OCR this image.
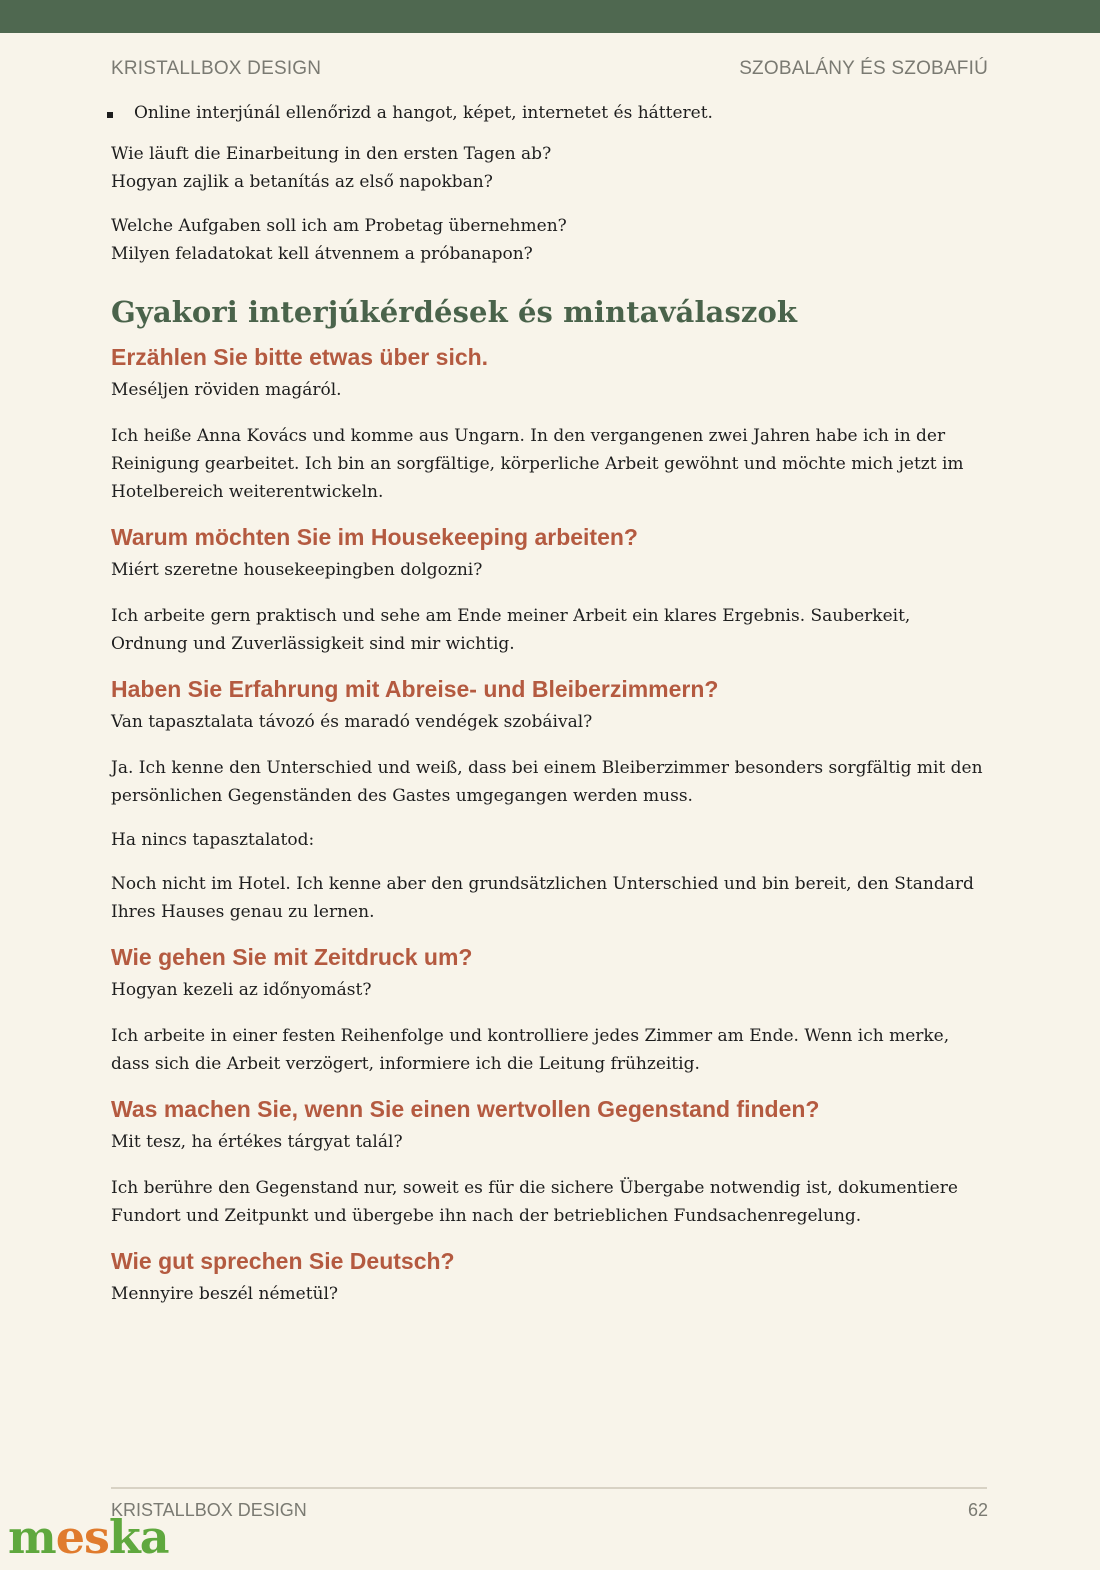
KRISTALLBOX DESIGN	SZOBALÁNY ÉS SZOBAFIÚ
Online interjúnál ellenőrizd a hangot, képet, internetet és hátteret.

Wie läuft die Einarbeitung in den ersten Tagen ab?

Hogyan zajlik a betanítás az első napokban?

Welche Aufgaben soll ich am Probetag übernehmen?

Milyen feladatokat kell átvennem a próbanapon?

Gyakori interjúkérdések és mintaválaszok
Erzählen Sie bitte etwas über sich.

Meséljen röviden magáról.

Ich heiße Anna Kovács und komme aus Ungarn. In den vergangenen zwei Jahren habe ich in der Reinigung gearbeitet. Ich bin an sorgfältige, körperliche Arbeit gewöhnt und möchte mich jetzt im Hotelbereich weiterentwickeln.

Warum möchten Sie im Housekeeping arbeiten?

Miért szeretne housekeepingben dolgozni?

Ich arbeite gern praktisch und sehe am Ende meiner Arbeit ein klares Ergebnis. Sauberkeit, Ordnung und Zuverlässigkeit sind mir wichtig.

Haben Sie Erfahrung mit Abreise- und Bleiberzimmern?

Van tapasztalata távozó és maradó vendégek szobáival?

Ja. Ich kenne den Unterschied und weiß, dass bei einem Bleiberzimmer besonders sorgfältig mit den persönlichen Gegenständen des Gastes umgegangen werden muss.

Ha nincs tapasztalatod:

Noch nicht im Hotel. Ich kenne aber den grundsätzlichen Unterschied und bin bereit, den Standard Ihres Hauses genau zu lernen.

Wie gehen Sie mit Zeitdruck um?

Hogyan kezeli az időnyomást?

Ich arbeite in einer festen Reihenfolge und kontrolliere jedes Zimmer am Ende. Wenn ich merke, dass sich die Arbeit verzögert, informiere ich die Leitung frühzeitig.

Was machen Sie, wenn Sie einen wertvollen Gegenstand finden?

Mit tesz, ha értékes tárgyat talál?

Ich berühre den Gegenstand nur, soweit es für die sichere Übergabe notwendig ist, dokumentiere Fundort und Zeitpunkt und übergebe ihn nach der betrieblichen Fundsachenregelung.

Wie gut sprechen Sie Deutsch?

Mennyire beszél németül?

KRISTALLBOX DESIGN	62
meska
